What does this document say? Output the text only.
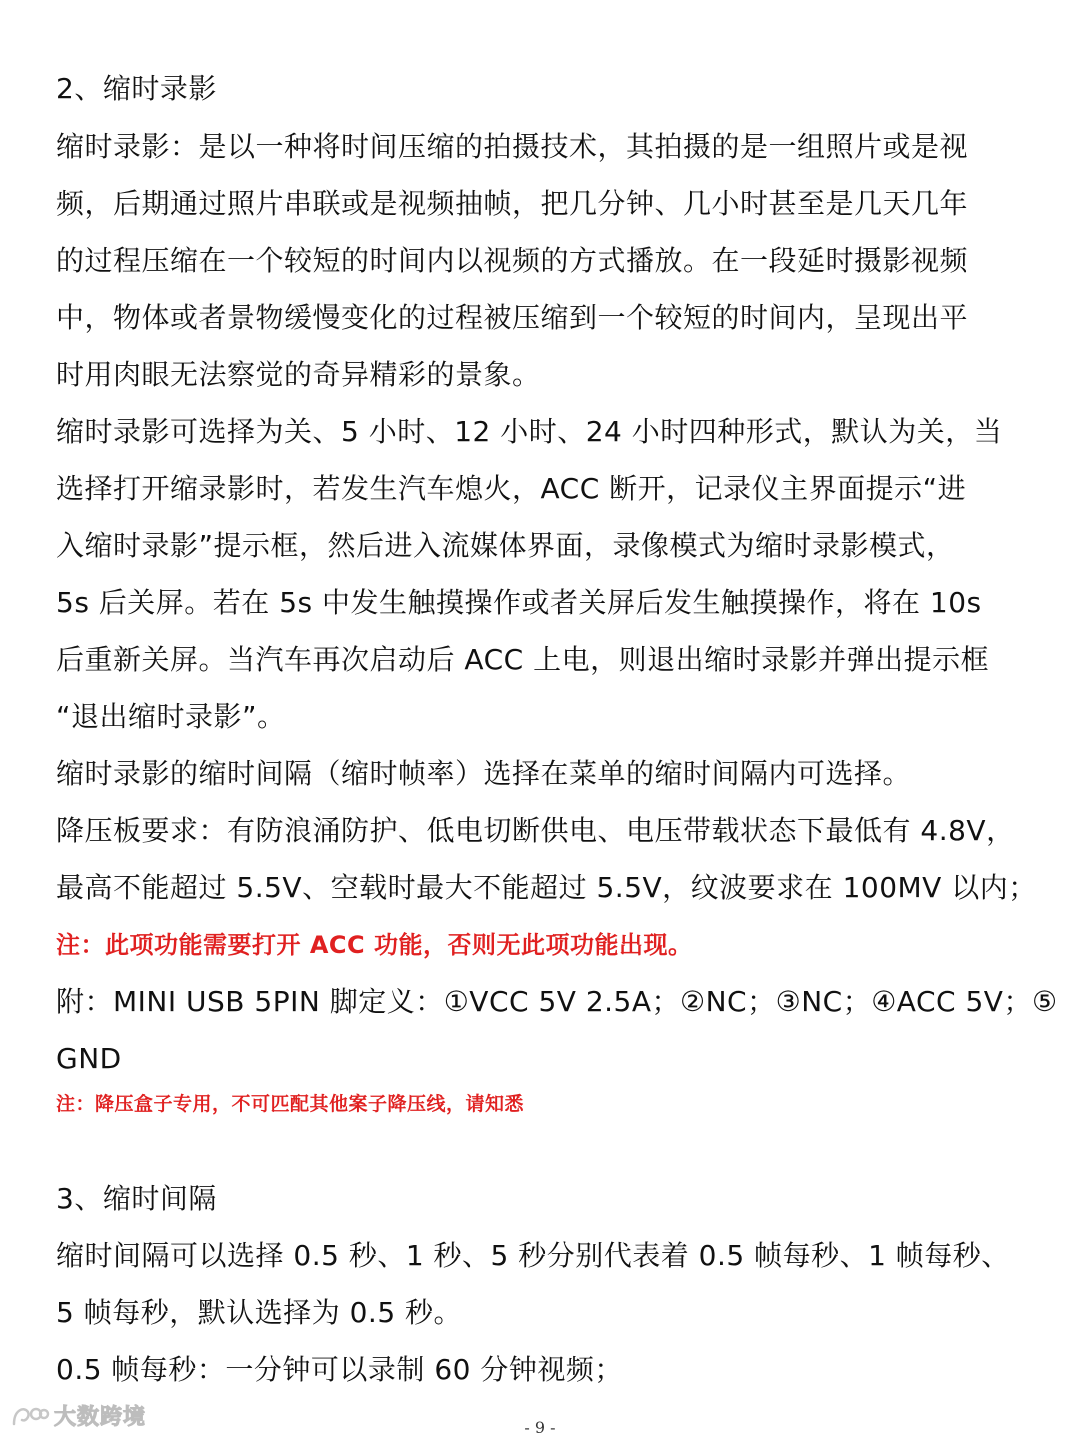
2、缩时录影
缩时录影：是以一种将时间压缩的拍摄技术，其拍摄的是一组照片或是视
频，后期通过照片串联或是视频抽帧，把几分钟、几小时甚至是几天几年
的过程压缩在一个较短的时间内以视频的方式播放。在一段延时摄影视频
中，物体或者景物缓慢变化的过程被压缩到一个较短的时间内，呈现出平
时用肉眼无法察觉的奇异精彩的景象。
缩时录影可选择为关、5 小时、12 小时、24 小时四种形式，默认为关，当
选择打开缩录影时，若发生汽车熄火，ACC 断开，记录仪主界面提示“进
入缩时录影”提示框，然后进入流媒体界面，录像模式为缩时录影模式，
5s 后关屏。若在 5s 中发生触摸操作或者关屏后发生触摸操作，将在 10s
后重新关屏。当汽车再次启动后 ACC 上电，则退出缩时录影并弹出提示框
“退出缩时录影”。
缩时录影的缩时间隔（缩时帧率）选择在菜单的缩时间隔内可选择。
降压板要求：有防浪涌防护、低电切断供电、电压带载状态下最低有 4.8V，
最高不能超过 5.5V、空载时最大不能超过 5.5V，纹波要求在 100MV 以内；
注：此项功能需要打开 ACC 功能，否则无此项功能出现。
附：MINI USB 5PIN 脚定义：①VCC 5V 2.5A；②NC；③NC；④ACC 5V；⑤
GND
注：降压盒子专用，不可匹配其他案子降压线，请知悉
3、缩时间隔
缩时间隔可以选择 0.5 秒、1 秒、5 秒分别代表着 0.5 帧每秒、1 帧每秒、
5 帧每秒，默认选择为 0.5 秒。
0.5 帧每秒：一分钟可以录制 60 分钟视频；
大数跨境	- 9 -
